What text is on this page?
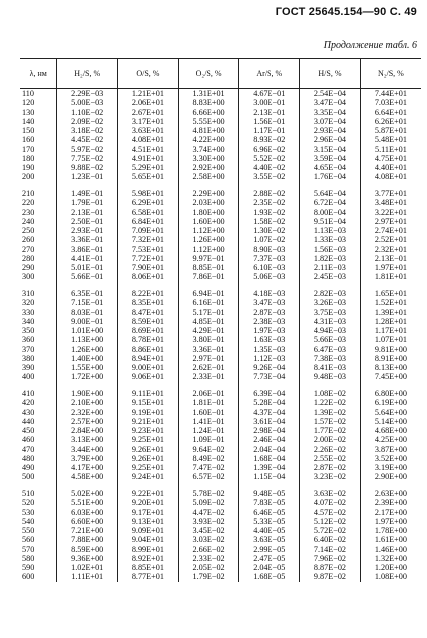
ГОСТ 25645.154—90 С. 49
Продолжение табл. 6
λ, нм	H₂/S, %	O/S, %	O₂/S, %	Ar/S, %	H/S, %	N₂/S, %
110	2.29E−03	1.21E+01	1.31E+01	4.67E−01	2.54E−04	7.44E+01
120	5.00E−03	2.06E+01	8.83E+00	3.00E−01	3.47E−04	7.03E+01
130	1.10E−02	2.67E+01	6.66E+00	2.13E−01	3.35E−04	6.64E+01
140	2.09E−02	3.17E+01	5.55E+00	1.56E−01	3.07E−04	6.26E+01
150	3.18E−02	3.63E+01	4.81E+00	1.17E−01	2.93E−04	5.87E+01
160	4.45E−02	4.08E+01	4.22E+00	8.93E−02	2.96E−04	5.48E+01
170	5.97E−02	4.51E+01	3.74E+00	6.96E−02	3.15E−04	5.11E+01
180	7.75E−02	4.91E+01	3.30E+00	5.52E−02	3.59E−04	4.75E+01
190	9.88E−02	5.29E+01	2.92E+00	4.40E−02	4.65E−04	4.40E+01
200	1.23E−01	5.65E+01	2.58E+00	3.55E−02	1.76E−04	4.08E+01

210	1.49E−01	5.98E+01	2.29E+00	2.88E−02	5.64E−04	3.77E+01
220	1.79E−01	6.29E+01	2.03E+00	2.35E−02	6.72E−04	3.48E+01
230	2.13E−01	6.58E+01	1.80E+00	1.93E−02	8.00E−04	3.22E+01
240	2.50E−01	6.84E+01	1.60E+00	1.58E−02	9.51E−04	2.97E+01
250	2.93E−01	7.09E+01	1.12E+00	1.30E−02	1.13E−03	2.74E+01
260	3.36E−01	7.32E+01	1.26E+00	1.07E−02	1.33E−03	2.52E+01
270	3.86E−01	7.53E+01	1.12E+00	8.90E−03	1.56E−03	2.32E+01
280	4.41E−01	7.72E+01	9.97E−01	7.37E−03	1.82E−03	2.13E−01
290	5.01E−01	7.90E+01	8.85E−01	6.10E−03	2.11E−03	1.97E+01
300	5.66E−01	8.06E+01	7.86E−01	5.06E−03	2.45E−03	1.81E+01

310	6.35E−01	8.22E+01	6.94E−01	4.18E−03	2.82E−03	1.65E+01
320	7.15E−01	8.35E+01	6.16E−01	3.47E−03	3.26E−03	1.52E+01
330	8.03E−01	8.47E+01	5.17E−01	2.87E−03	3.75E−03	1.39E+01
340	9.00E−01	8.59E+01	4.85E−01	2.38E−03	4.31E−03	1.28E+01
350	1.01E+00	8.69E+01	4.29E−01	1.97E−03	4.94E−03	1.17E+01
360	1.13E+00	8.78E+01	3.80E−01	1.63E−03	5.66E−03	1.07E+01
370	1.26E+00	8.86E+01	3.36E−01	1.35E−03	6.47E−03	9.81E+00
380	1.40E+00	8.94E+01	2.97E−01	1.12E−03	7.38E−03	8.91E+00
390	1.55E+00	9.00E+01	2.62E−01	9.26E−04	8.41E−03	8.13E+00
400	1.72E+00	9.06E+01	2.33E−01	7.73E−04	9.48E−03	7.45E+00

410	1.90E+00	9.11E+01	2.06E−01	6.39E−04	1.08E−02	6.80E+00
420	2.10E+00	9.15E+01	1.81E−01	5.28E−04	1.22E−02	6.19E+00
430	2.32E+00	9.19E+01	1.60E−01	4.37E−04	1.39E−02	5.64E+00
440	2.57E+00	9.21E+01	1.41E−01	3.61E−04	1.57E−02	5.14E+00
450	2.84E+00	9.23E+01	1.24E−01	2.98E−04	1.77E−02	4.68E+00
460	3.13E+00	9.25E+01	1.09E−01	2.46E−04	2.00E−02	4.25E+00
470	3.44E+00	9.26E+01	9.64E−02	2.04E−04	2.26E−02	3.87E+00
480	3.79E+00	9.26E+01	8.49E−02	1.68E−04	2.55E−02	3.52E+00
490	4.17E+00	9.25E+01	7.47E−02	1.39E−04	2.87E−02	3.19E+00
500	4.58E+00	9.24E+01	6.57E−02	1.15E−04	3.23E−02	2.90E+00

510	5.02E+00	9.22E+01	5.78E−02	9.48E−05	3.63E−02	2.63E+00
520	5.51E+00	9.20E+01	5.09E−02	7.83E−05	4.07E−02	2.39E+00
530	6.03E+00	9.17E+01	4.47E−02	6.46E−05	4.57E−02	2.17E+00
540	6.60E+00	9.13E+01	3.93E−02	5.33E−05	5.12E−02	1.97E+00
550	7.21E+00	9.09E+01	3.45E−02	4.40E−05	5.72E−02	1.78E+00
560	7.88E+00	9.04E+01	3.03E−02	3.63E−05	6.40E−02	1.61E+00
570	8.59E+00	8.99E+01	2.66E−02	2.99E−05	7.14E−02	1.46E+00
580	9.36E+00	8.92E+01	2.33E−02	2.47E−05	7.96E−02	1.32E+00
590	1.02E+01	8.85E+01	2.05E−02	2.04E−05	8.87E−02	1.20E+00
600	1.11E+01	8.77E+01	1.79E−02	1.68E−05	9.87E−02	1.08E+00
